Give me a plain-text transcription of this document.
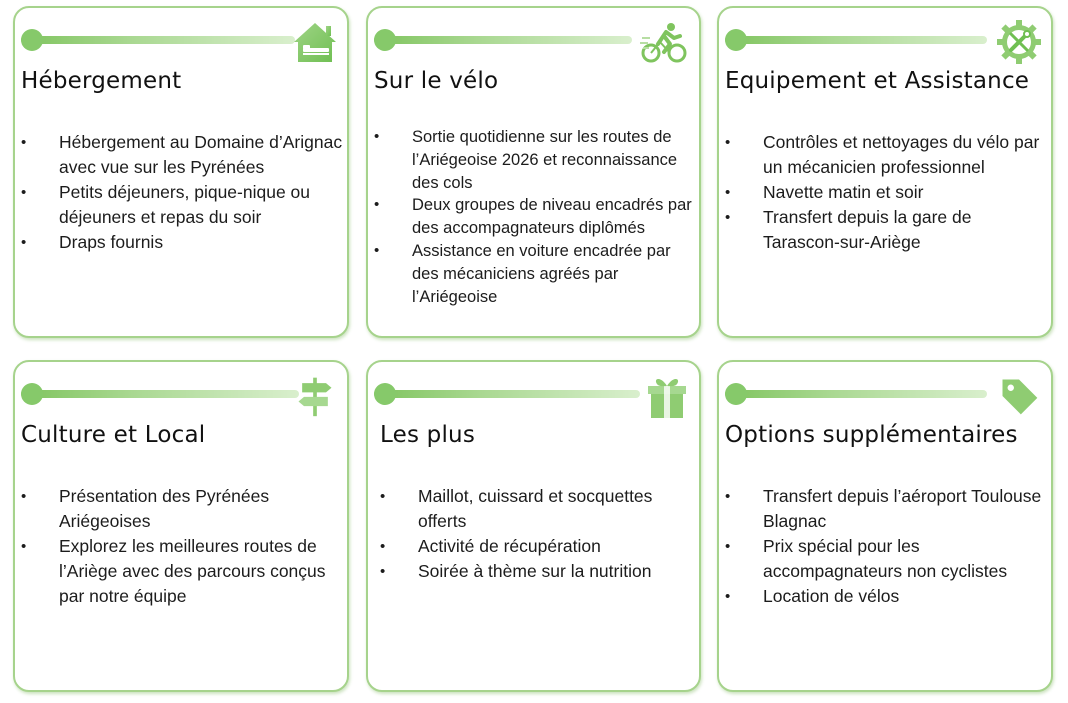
Hébergement
• Hébergement au Domaine d’Arignac avec vue sur les Pyrénées
• Petits déjeuners, pique-nique ou déjeuners et repas du soir
• Draps fournis
Sur le vélo
• Sortie quotidienne sur les routes de l’Ariégeoise 2026 et reconnaissance des cols
• Deux groupes de niveau encadrés par des accompagnateurs diplômés
• Assistance en voiture encadrée par des mécaniciens agréés par l’Ariégeoise
Equipement et Assistance
• Contrôles et nettoyages du vélo par un mécanicien professionnel
• Navette matin et soir
• Transfert depuis la gare de Tarascon-sur-Ariège
Culture et Local
• Présentation des Pyrénées Ariégeoises
• Explorez les meilleures routes de l’Ariège avec des parcours conçus par notre équipe
Les plus
• Maillot, cuissard et socquettes offerts
• Activité de récupération
• Soirée à thème sur la nutrition
Options supplémentaires
• Transfert depuis l’aéroport Toulouse Blagnac
• Prix spécial pour les accompagnateurs non cyclistes
• Location de vélos
